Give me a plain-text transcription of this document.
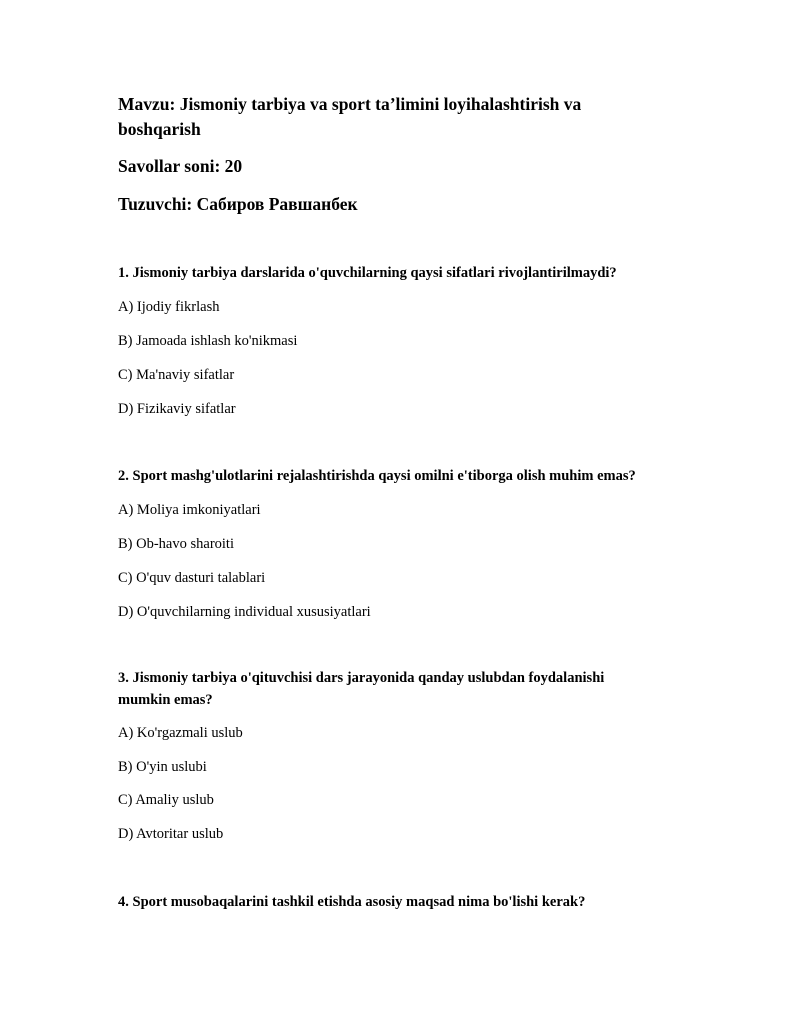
Mavzu: Jismoniy tarbiya va sport ta’limini loyihalashtirish va boshqarish

Savollar soni: 20

Tuzuvchi: Сабиров Равшанбек

1. Jismoniy tarbiya darslarida o'quvchilarning qaysi sifatlari rivojlantirilmaydi?

A) Ijodiy fikrlash

B) Jamoada ishlash ko'nikmasi

C) Ma'naviy sifatlar

D) Fizikaviy sifatlar

2. Sport mashg'ulotlarini rejalashtirishda qaysi omilni e'tiborga olish muhim emas?

A) Moliya imkoniyatlari

B) Ob-havo sharoiti

C) O'quv dasturi talablari

D) O'quvchilarning individual xususiyatlari

3. Jismoniy tarbiya o'qituvchisi dars jarayonida qanday uslubdan foydalanishi mumkin emas?

A) Ko'rgazmali uslub

B) O'yin uslubi

C) Amaliy uslub

D) Avtoritar uslub

4. Sport musobaqalarini tashkil etishda asosiy maqsad nima bo'lishi kerak?
